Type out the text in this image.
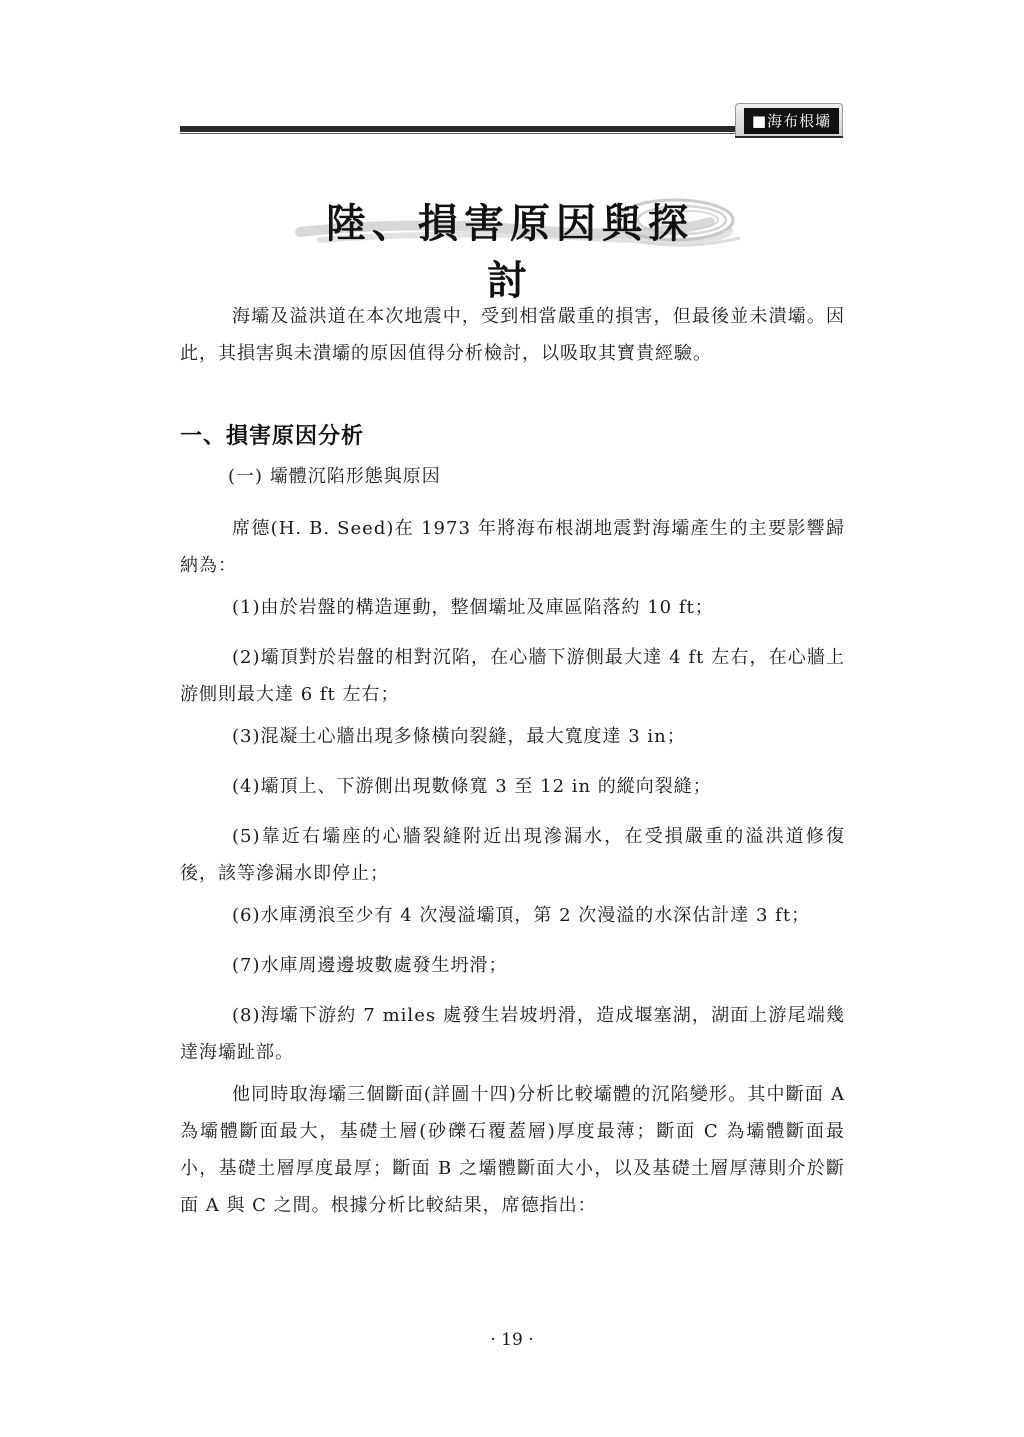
■海布根壩
陸、損害原因與探討

海壩及溢洪道在本次地震中，受到相當嚴重的損害，但最後並未潰壩。因此，其損害與未潰壩的原因值得分析檢討，以吸取其寶貴經驗。

一、損害原因分析
(一) 壩體沉陷形態與原因

席德(H. B. Seed)在 1973 年將海布根湖地震對海壩產生的主要影響歸納為：

(1)由於岩盤的構造運動，整個壩址及庫區陷落約 10 ft；

(2)壩頂對於岩盤的相對沉陷，在心牆下游側最大達 4 ft 左右，在心牆上游側則最大達 6 ft 左右；

(3)混凝土心牆出現多條橫向裂縫，最大寬度達 3 in；

(4)壩頂上、下游側出現數條寬 3 至 12 in 的縱向裂縫；

(5)靠近右壩座的心牆裂縫附近出現滲漏水，在受損嚴重的溢洪道修復後，該等滲漏水即停止；

(6)水庫湧浪至少有 4 次漫溢壩頂，第 2 次漫溢的水深估計達 3 ft；

(7)水庫周邊邊坡數處發生坍滑；

(8)海壩下游約 7 miles 處發生岩坡坍滑，造成堰塞湖，湖面上游尾端幾達海壩趾部。

他同時取海壩三個斷面(詳圖十四)分析比較壩體的沉陷變形。其中斷面 A 為壩體斷面最大，基礎土層(砂礫石覆蓋層)厚度最薄；斷面 C 為壩體斷面最小，基礎土層厚度最厚；斷面 B 之壩體斷面大小，以及基礎土層厚薄則介於斷面 A 與 C 之間。根據分析比較結果，席德指出：

· 19 ·
